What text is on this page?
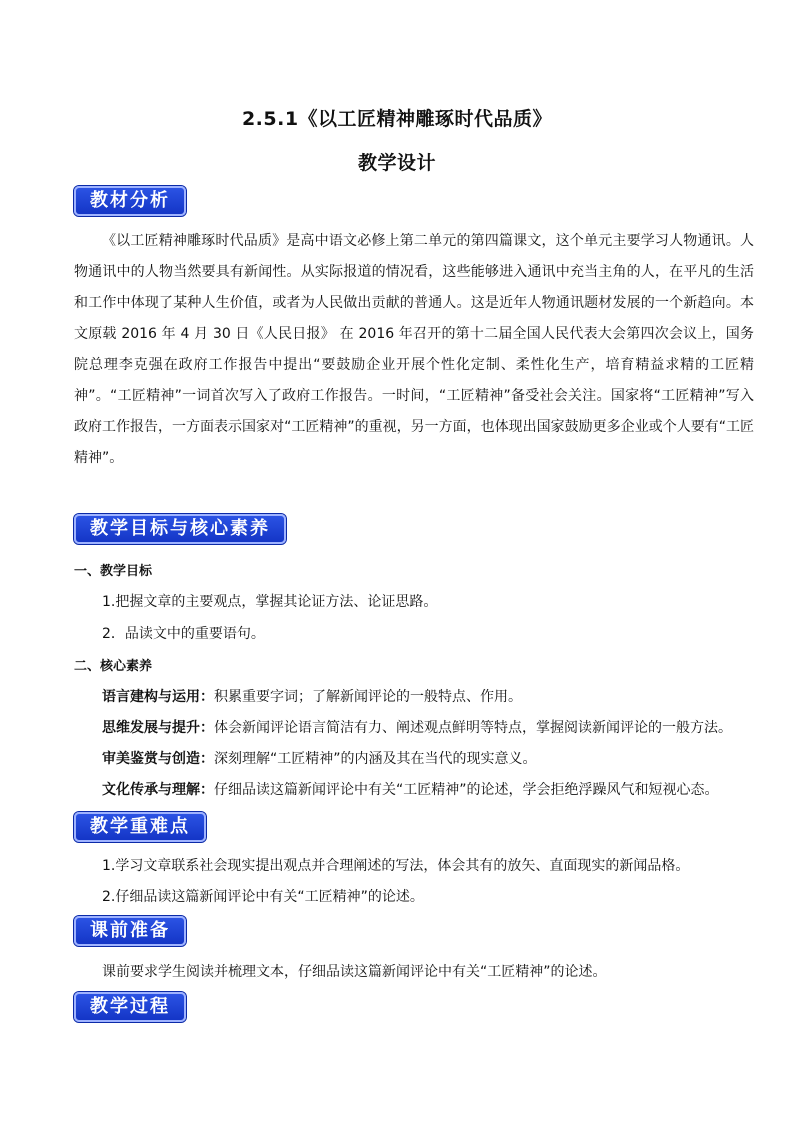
2.5.1《以工匠精神雕琢时代品质》
教学设计
教材分析
《以工匠精神雕琢时代品质》是高中语文必修上第二单元的第四篇课文，这个单元主要学习人物通讯。人物通讯中的人物当然要具有新闻性。从实际报道的情况看，这些能够进入通讯中充当主角的人，在平凡的生活和工作中体现了某种人生价值，或者为人民做出贡献的普通人。这是近年人物通讯题材发展的一个新趋向。本文原载 2016 年 4 月 30 日《人民日报》 在 2016 年召开的第十二届全国人民代表大会第四次会议上，国务院总理李克强在政府工作报告中提出“要鼓励企业开展个性化定制、柔性化生产，培育精益求精的工匠精神”。“工匠精神”一词首次写入了政府工作报告。一时间，“工匠精神”备受社会关注。国家将“工匠精神”写入政府工作报告，一方面表示国家对“工匠精神”的重视，另一方面，也体现出国家鼓励更多企业或个人要有“工匠精神”。
教学目标与核心素养
一、教学目标
1.把握文章的主要观点，掌握其论证方法、论证思路。
2．品读文中的重要语句。
二、核心素养
语言建构与运用：积累重要字词；了解新闻评论的一般特点、作用。
思维发展与提升：体会新闻评论语言简洁有力、阐述观点鲜明等特点，掌握阅读新闻评论的一般方法。
审美鉴赏与创造：深刻理解“工匠精神”的内涵及其在当代的现实意义。
文化传承与理解：仔细品读这篇新闻评论中有关“工匠精神”的论述，学会拒绝浮躁风气和短视心态。
教学重难点
1.学习文章联系社会现实提出观点并合理阐述的写法，体会其有的放矢、直面现实的新闻品格。
2.仔细品读这篇新闻评论中有关“工匠精神”的论述。
课前准备
课前要求学生阅读并梳理文本，仔细品读这篇新闻评论中有关“工匠精神”的论述。
教学过程
